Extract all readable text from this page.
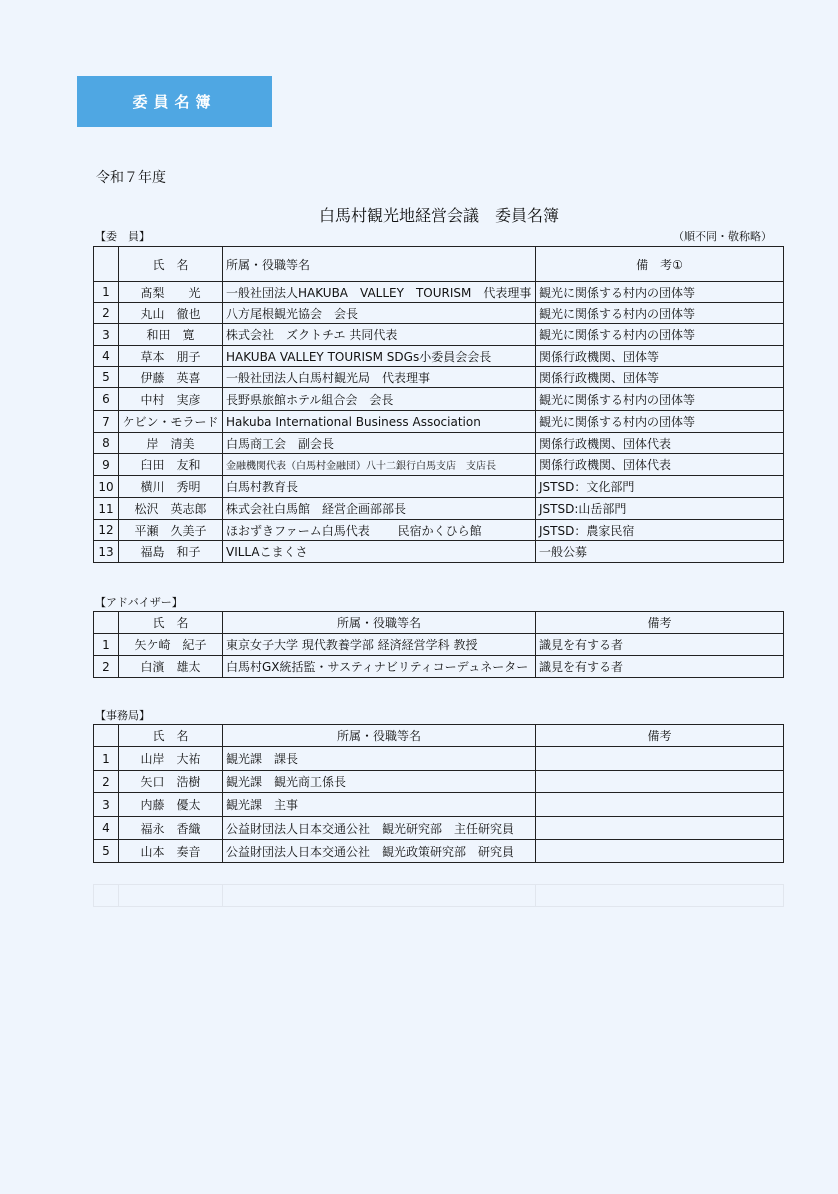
委員名簿
令和７年度
白馬村観光地経営会議　委員名簿
【委　員】	（順不同・敬称略）
	氏　名	所属・役職等名	備　考①
1	髙梨　　光	一般社団法人HAKUBA　VALLEY　TOURISM　代表理事	観光に関係する村内の団体等
2	丸山　徹也	八方尾根観光協会　会長	観光に関係する村内の団体等
3	和田　寛	株式会社　ズクトチエ 共同代表	観光に関係する村内の団体等
4	草本　朋子	HAKUBA VALLEY TOURISM SDGs小委員会会長	関係行政機関、団体等
5	伊藤　英喜	一般社団法人白馬村観光局　代表理事	関係行政機関、団体等
6	中村　実彦	長野県旅館ホテル組合会　会長	観光に関係する村内の団体等
7	ケビン・モラード	Hakuba International Business Association	観光に関係する村内の団体等
8	岸　清美	白馬商工会　副会長	関係行政機関、団体代表
9	臼田　友和	金融機関代表（白馬村金融団）八十二銀行白馬支店　支店長	関係行政機関、団体代表
10	横川　秀明	白馬村教育長	JSTSD：文化部門
11	松沢　英志郎	株式会社白馬館　経営企画部部長	JSTSD:山岳部門
12	平瀬　久美子	ほおずきファーム白馬代表　　 民宿かくひら館	JSTSD：農家民宿
13	福島　和子	VILLAこまくさ	一般公募
【アドバイザー】
	氏　名	所属・役職等名	備考
1	矢ケ崎　紀子	東京女子大学 現代教養学部 経済経営学科 教授	識見を有する者
2	白濱　雄太	白馬村GX統括監・サスティナビリティコーデュネーター	識見を有する者
【事務局】
	氏　名	所属・役職等名	備考
1	山岸　大祐	観光課　課長	
2	矢口　浩樹	観光課　観光商工係長	
3	内藤　優太	観光課　主事	
4	福永　香織	公益財団法人日本交通公社　観光研究部　主任研究員	
5	山本　奏音	公益財団法人日本交通公社　観光政策研究部　研究員	
